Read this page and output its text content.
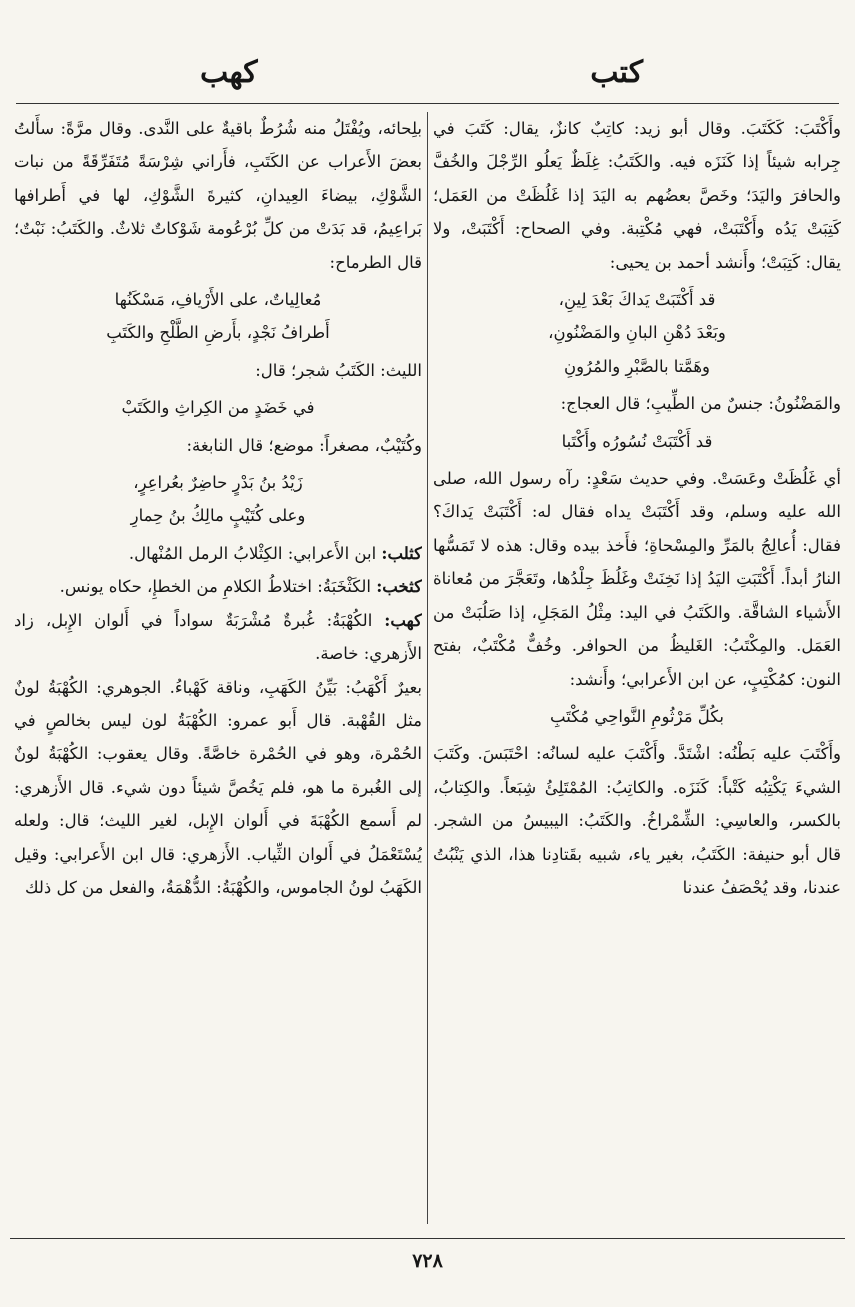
كتب
كهب

وأَكْتَبَ: كَكَتَبَ. وقال أبو زيد: كاتِبٌ كانزٌ، يقال: كَتَبَ في جِرابه شيئاً إذا كَنَزَه فيه. والكَتَبُ: غِلَظٌ يَعلُو الرِّجْلَ والخُفَّ والحافرَ واليَدَ؛ وخَصَّ بعضُهم به اليَدَ إذا غَلُظَتْ من العَمَل؛ كَتِبَتْ يَدُه وأَكْتَبَتْ، فهي مُكْتِبة. وفي الصحاح: أَكْتَبَتْ، ولا يقال: كَتِبَتْ؛ وأَنشد أحمد بن يحيى:

قد أَكْتَبَتْ يَداكَ بَعْدَ لِينِ،
وبَعْدَ دُهْنِ البانِ والمَضْنُونِ،
وهَمَّتا بالصَّبْرِ والمُرُونِ

والمَضْنُونُ: جنسٌ من الطِّيبِ؛ قال العجاج:

قد أَكْتَبَتْ نُسُورُه وأَكْتَبا

أي غَلُظَتْ وعَسَتْ. وفي حديث سَعْدٍ: رآه رسول الله، صلى الله عليه وسلم، وقد أَكْتَبَتْ يداه فقال له: أَكْتَبَتْ يَداكَ؟ فقال: أُعالِجُ بالمَرِّ والمِسْحاةِ؛ فأَخذ بيده وقال: هذه لا تَمَسُّها النارُ أبداً. أَكْتَبَتِ اليَدُ إذا نَخِنَتْ وغَلُظَ جِلْدُها، وتَعَجَّرَ من مُعاناة الأَشياء الشاقَّة. والكَتَبُ في اليد: مِثْلُ المَجَلِ، إذا صَلُبَتْ من العَمَل. والمِكْتَبُ: الغَليظُ من الحوافر. وخُفٌّ مُكْتَبٌ، بفتح النون: كمُكْتِبٍ، عن ابن الأَعرابي؛ وأَنشد:

بكُلِّ مَرْثُومِ النَّواحِي مُكْتَبِ

وأَكْتَبَ عليه بَطْنُه: اشْتَدَّ. وأَكْتَبَ عليه لسانُه: احْتَبَسَ. وكَتَبَ الشيءَ يَكْتِبُه كَتْباً: كَنَزَه. والكاتِبُ: المُمْتَلِئُ شِبَعاً. والكِتابُ، بالكسر، والعاسِي: الشِّمْراخُ. والكَتَبُ: اليبيسُ من الشجر. قال أبو حنيفة: الكَتَبُ، بغير ياء، شبيه بقَتادِنا هذا، الذي يَنْبُتُ عندنا، وقد يُحْصَفُ عندنا

بلِحائه، ويُفْتَلُ منه شُرُطٌ باقيةٌ على النَّدى. وقال مرَّةً: سأَلتُ بعضَ الأَعراب عن الكَتَبِ، فأَراني شِرْسَةً مُتَفَرِّقَةً من نبات الشَّوْكِ، بيضاءَ العِيدانِ، كثيرةَ الشَّوْكِ، لها في أَطرافها بَراعِيمُ، قد بَدَتْ من كلِّ بُرْعُومة شَوْكاتٌ ثلاثٌ. والكَتَبُ: نَبْتٌ؛ قال الطرماح:

مُعالِياتٌ، على الأَرْيافِ، مَسْكَنُها
أَطرافُ نَجْدٍ، بأَرضِ الطَّلْحِ والكَتَبِ

الليث: الكَتَبُ شجر؛ قال:

في خَضَدٍ من الكِراثِ والكَتَبْ

وكُتَيْبٌ، مصغراً: موضع؛ قال النابغة:

زَيْدُ بنُ بَدْرٍ حاضِرٌ بعُراعِرٍ،
وعلى كُتَيْبٍ مالِكُ بنُ حِمارِ

كثلب: ابن الأَعرابي: الكِثْلابُ الرمل المُنْهال.

كثخب: الكَثْخَبَةُ: اختلاطُ الكلامِ من الخطإِ، حكاه يونس.

كهب: الكُهْبَةُ: غُبرةٌ مُشْرَبَةٌ سواداً في أَلوان الإِبل، زاد الأَزهري: خاصة.

بعيرٌ أَكْهَبُ: بَيِّنُ الكَهَبِ، وناقة كَهْباءُ. الجوهري: الكُهْبَةُ لونٌ مثل القُهْبة. قال أَبو عمرو: الكُهْبَةُ لون ليس بخالصٍ في الحُمْرة، وهو في الحُمْرة خاصَّةً. وقال يعقوب: الكُهْبَةُ لونٌ إلى الغُبرة ما هو، فلم يَخُصَّ شيئاً دون شيء. قال الأَزهري: لم أَسمع الكُهْبَةَ في أَلوان الإِبل، لغير الليث؛ قال: ولعله يُسْتَعْمَلُ في أَلوان الثِّياب. الأَزهري: قال ابن الأَعرابي: وقيل الكَهَبُ لونُ الجاموس، والكُهْبَةُ: الدُّهْمَةُ، والفعل من كل ذلك

٧٢٨
